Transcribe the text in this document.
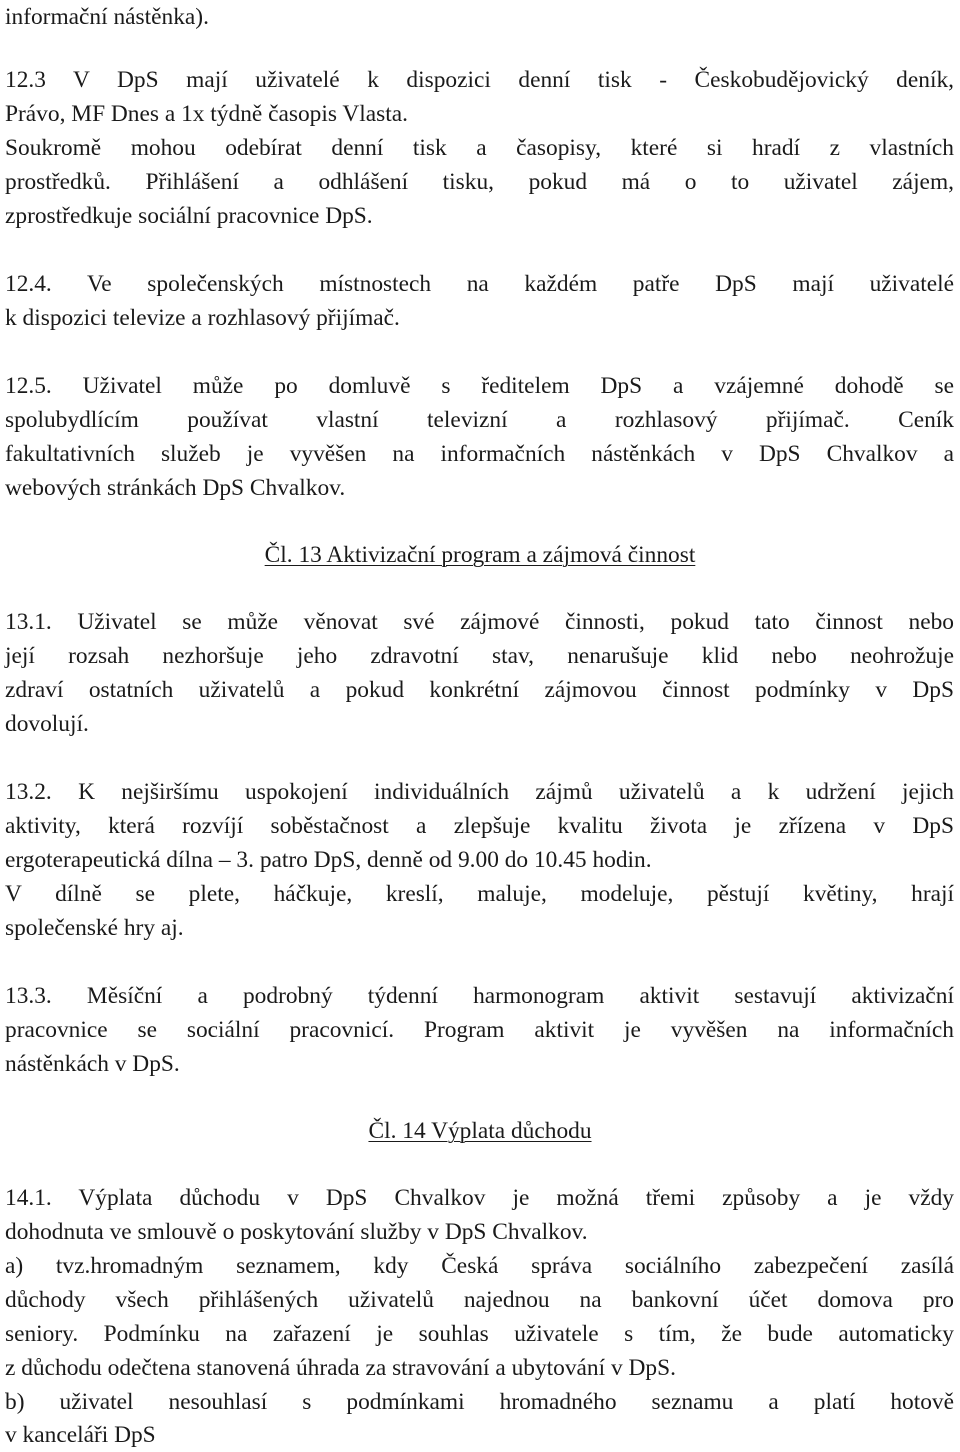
informační nástěnka).
12.3 V DpS mají uživatelé k dispozici denní tisk - Českobudějovický deník,
Právo, MF Dnes a 1x týdně časopis Vlasta.
Soukromě mohou odebírat denní tisk a časopisy, které si hradí z vlastních
prostředků. Přihlášení a odhlášení tisku, pokud má o to uživatel zájem,
zprostředkuje sociální pracovnice DpS.
12.4. Ve společenských místnostech na každém patře DpS mají uživatelé
k dispozici televize a rozhlasový přijímač.
12.5. Uživatel může po domluvě s ředitelem DpS a vzájemné dohodě se
spolubydlícím používat vlastní televizní a rozhlasový přijímač. Ceník
fakultativních služeb je vyvěšen na informačních nástěnkách v DpS Chvalkov a
webových stránkách DpS Chvalkov.
Čl. 13 Aktivizační program a zájmová činnost
13.1. Uživatel se může věnovat své zájmové činnosti, pokud tato činnost nebo
její rozsah nezhoršuje jeho zdravotní stav, nenarušuje klid nebo neohrožuje
zdraví ostatních uživatelů a pokud konkrétní zájmovou činnost podmínky v DpS
dovolují.
13.2. K nejširšímu uspokojení individuálních zájmů uživatelů a k udržení jejich
aktivity, která rozvíjí soběstačnost a zlepšuje kvalitu života je zřízena v DpS
ergoterapeutická dílna – 3. patro DpS, denně od 9.00 do 10.45 hodin.
V dílně se plete, háčkuje, kreslí, maluje, modeluje, pěstují květiny, hrají
společenské hry aj.
13.3. Měsíční a podrobný týdenní harmonogram aktivit sestavují aktivizační
pracovnice se sociální pracovnicí. Program aktivit je vyvěšen na informačních
nástěnkách v DpS.
Čl. 14 Výplata důchodu
14.1. Výplata důchodu v DpS Chvalkov je možná třemi způsoby a je vždy
dohodnuta ve smlouvě o poskytování služby v DpS Chvalkov.
a) tvz.hromadným seznamem, kdy Česká správa sociálního zabezpečení zasílá
důchody všech přihlášených uživatelů najednou na bankovní účet domova pro
seniory. Podmínku na zařazení je souhlas uživatele s tím, že bude automaticky
z důchodu odečtena stanovená úhrada za stravování a ubytování v DpS.
b) uživatel nesouhlasí s podmínkami hromadného seznamu a platí hotově
v kanceláři DpS
